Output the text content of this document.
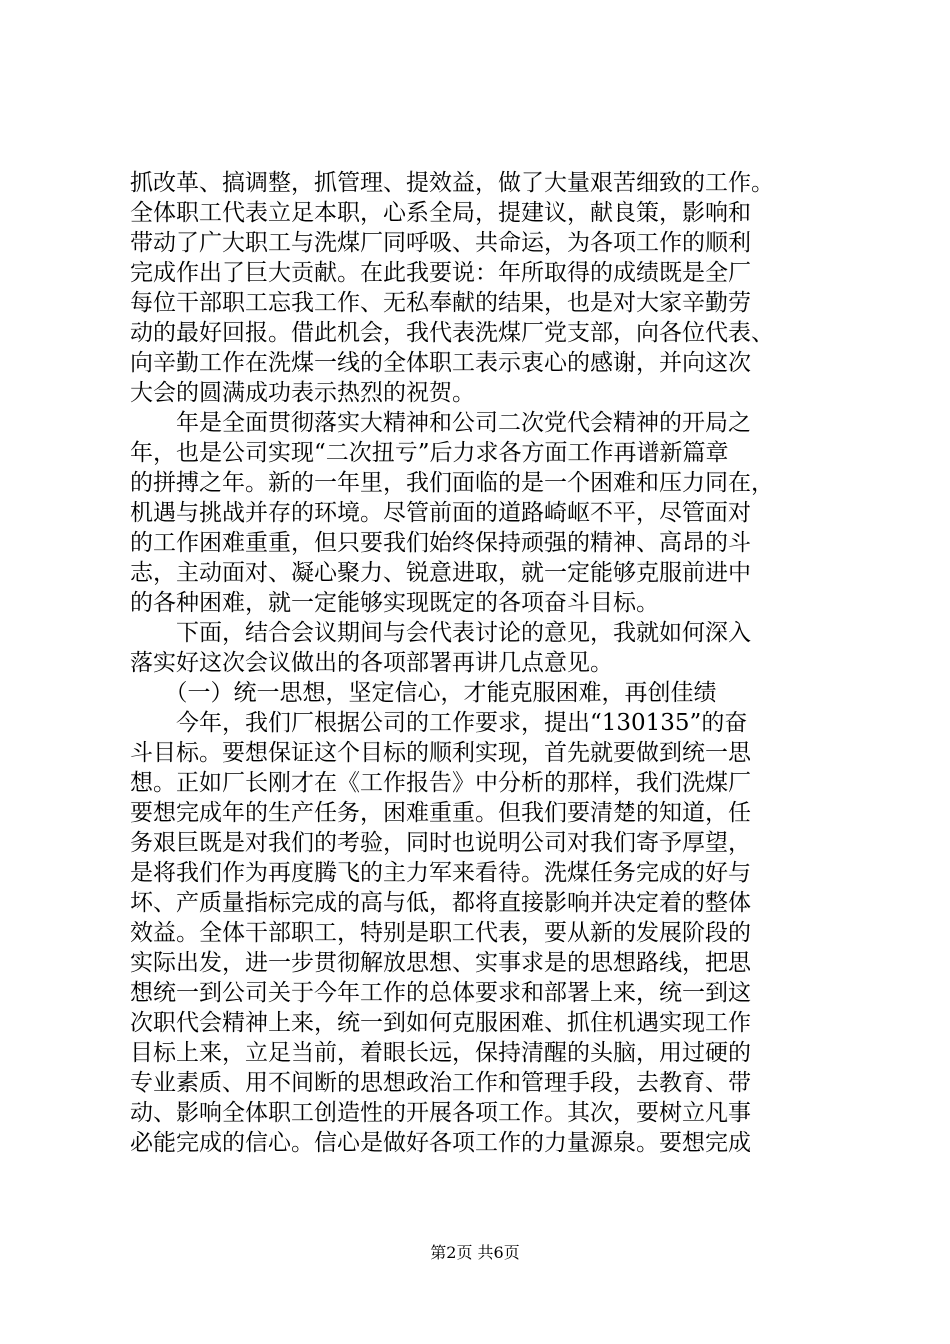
抓改革、搞调整，抓管理、提效益，做了大量艰苦细致的工作。
全体职工代表立足本职，心系全局，提建议，献良策，影响和
带动了广大职工与洗煤厂同呼吸、共命运，为各项工作的顺利
完成作出了巨大贡献。在此我要说：年所取得的成绩既是全厂
每位干部职工忘我工作、无私奉献的结果，也是对大家辛勤劳
动的最好回报。借此机会，我代表洗煤厂党支部，向各位代表、
向辛勤工作在洗煤一线的全体职工表示衷心的感谢，并向这次
大会的圆满成功表示热烈的祝贺。
　　年是全面贯彻落实大精神和公司二次党代会精神的开局之
年，也是公司实现“二次扭亏”后力求各方面工作再谱新篇章
的拼搏之年。新的一年里，我们面临的是一个困难和压力同在，
机遇与挑战并存的环境。尽管前面的道路崎岖不平，尽管面对
的工作困难重重，但只要我们始终保持顽强的精神、高昂的斗
志，主动面对、凝心聚力、锐意进取，就一定能够克服前进中
的各种困难，就一定能够实现既定的各项奋斗目标。
　　下面，结合会议期间与会代表讨论的意见，我就如何深入
落实好这次会议做出的各项部署再讲几点意见。
　　（一）统一思想，坚定信心，才能克服困难，再创佳绩
　　今年，我们厂根据公司的工作要求，提出“130135”的奋
斗目标。要想保证这个目标的顺利实现，首先就要做到统一思
想。正如厂长刚才在《工作报告》中分析的那样，我们洗煤厂
要想完成年的生产任务，困难重重。但我们要清楚的知道，任
务艰巨既是对我们的考验，同时也说明公司对我们寄予厚望，
是将我们作为再度腾飞的主力军来看待。洗煤任务完成的好与
坏、产质量指标完成的高与低，都将直接影响并决定着的整体
效益。全体干部职工，特别是职工代表，要从新的发展阶段的
实际出发，进一步贯彻解放思想、实事求是的思想路线，把思
想统一到公司关于今年工作的总体要求和部署上来，统一到这
次职代会精神上来，统一到如何克服困难、抓住机遇实现工作
目标上来，立足当前，着眼长远，保持清醒的头脑，用过硬的
专业素质、用不间断的思想政治工作和管理手段，去教育、带
动、影响全体职工创造性的开展各项工作。其次，要树立凡事
必能完成的信心。信心是做好各项工作的力量源泉。要想完成
第2页 共6页
